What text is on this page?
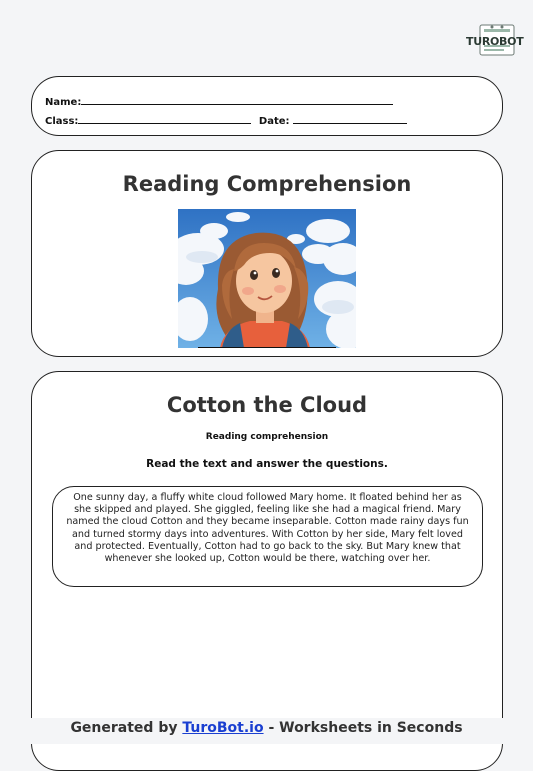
TUROBOT
Name:
Class:	Date:
Reading Comprehension
Cotton the Cloud
Reading comprehension
Read the text and answer the questions.

One sunny day, a fluffy white cloud followed Mary home. It floated behind her as she skipped and played. She giggled, feeling like she had a magical friend. Mary named the cloud Cotton and they became inseparable. Cotton made rainy days fun and turned stormy days into adventures. With Cotton by her side, Mary felt loved and protected. Eventually, Cotton had to go back to the sky. But Mary knew that whenever she looked up, Cotton would be there, watching over her.

Generated by TuroBot.io - Worksheets in Seconds
